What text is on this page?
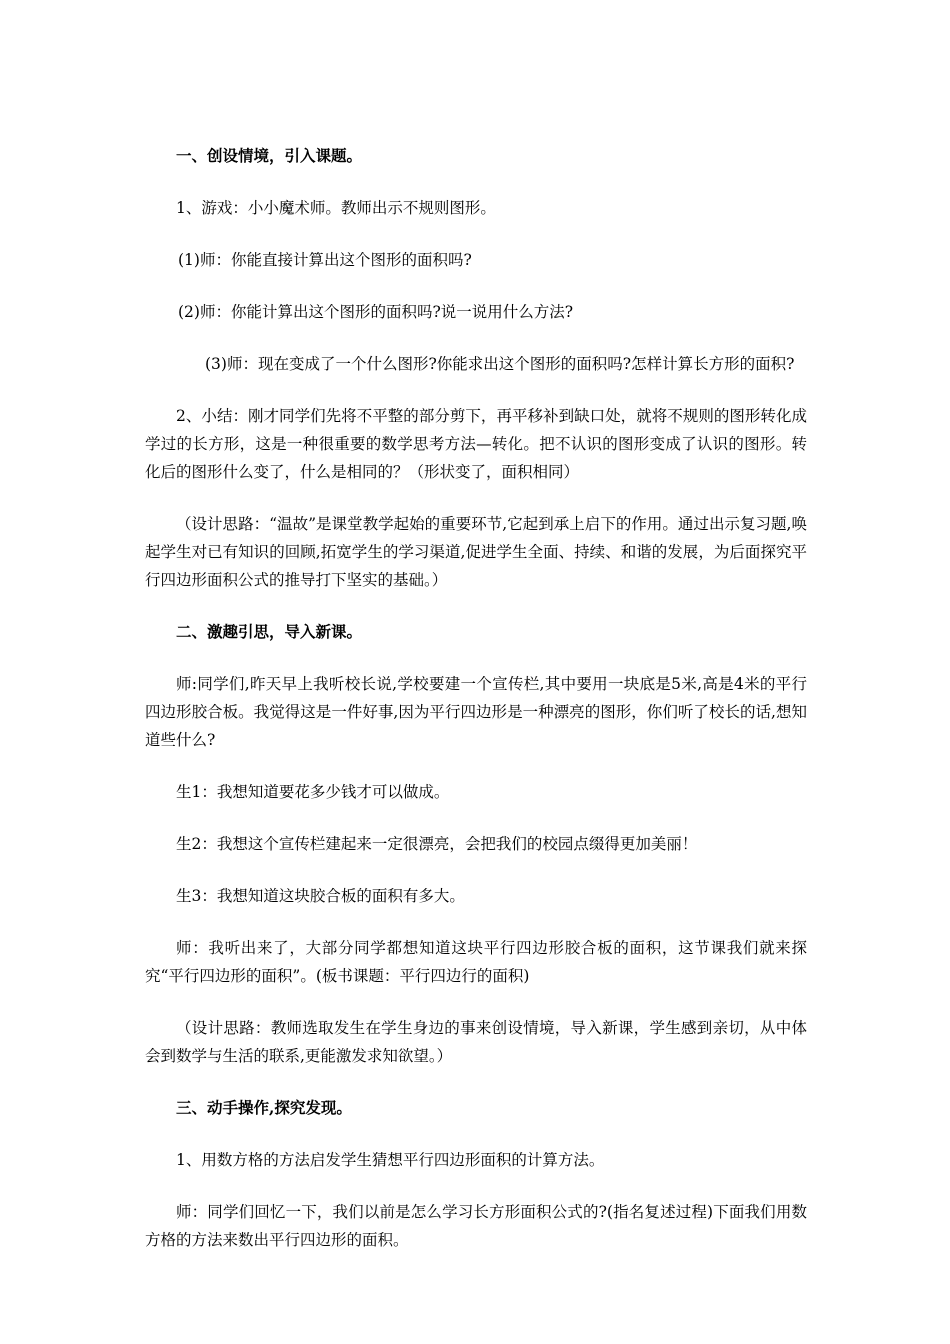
一、创设情境，引入课题。

1、游戏：小小魔术师。教师出示不规则图形。

(1)师：你能直接计算出这个图形的面积吗?

(2)师：你能计算出这个图形的面积吗?说一说用什么方法?

(3)师：现在变成了一个什么图形?你能求出这个图形的面积吗?怎样计算长方形的面积?

2、小结：刚才同学们先将不平整的部分剪下，再平移补到缺口处，就将不规则的图形转化成学过的长方形，这是一种很重要的数学思考方法—转化。把不认识的图形变成了认识的图形。转化后的图形什么变了，什么是相同的？（形状变了，面积相同）

（设计思路：“温故”是课堂教学起始的重要环节,它起到承上启下的作用。通过出示复习题,唤起学生对已有知识的回顾,拓宽学生的学习渠道,促进学生全面、持续、和谐的发展，为后面探究平行四边形面积公式的推导打下坚实的基础。）

二、激趣引思，导入新课。

师:同学们,昨天早上我听校长说,学校要建一个宣传栏,其中要用一块底是5米,高是4米的平行四边形胶合板。我觉得这是一件好事,因为平行四边形是一种漂亮的图形，你们听了校长的话,想知道些什么?

生1：我想知道要花多少钱才可以做成。

生2：我想这个宣传栏建起来一定很漂亮，会把我们的校园点缀得更加美丽！

生3：我想知道这块胶合板的面积有多大。

师：我听出来了，大部分同学都想知道这块平行四边形胶合板的面积，这节课我们就来探究“平行四边形的面积”。(板书课题：平行四边行的面积)

（设计思路：教师选取发生在学生身边的事来创设情境，导入新课，学生感到亲切，从中体会到数学与生活的联系,更能激发求知欲望。）

三、动手操作,探究发现。

1、用数方格的方法启发学生猜想平行四边形面积的计算方法。

师：同学们回忆一下，我们以前是怎么学习长方形面积公式的?(指名复述过程)下面我们用数方格的方法来数出平行四边形的面积。
